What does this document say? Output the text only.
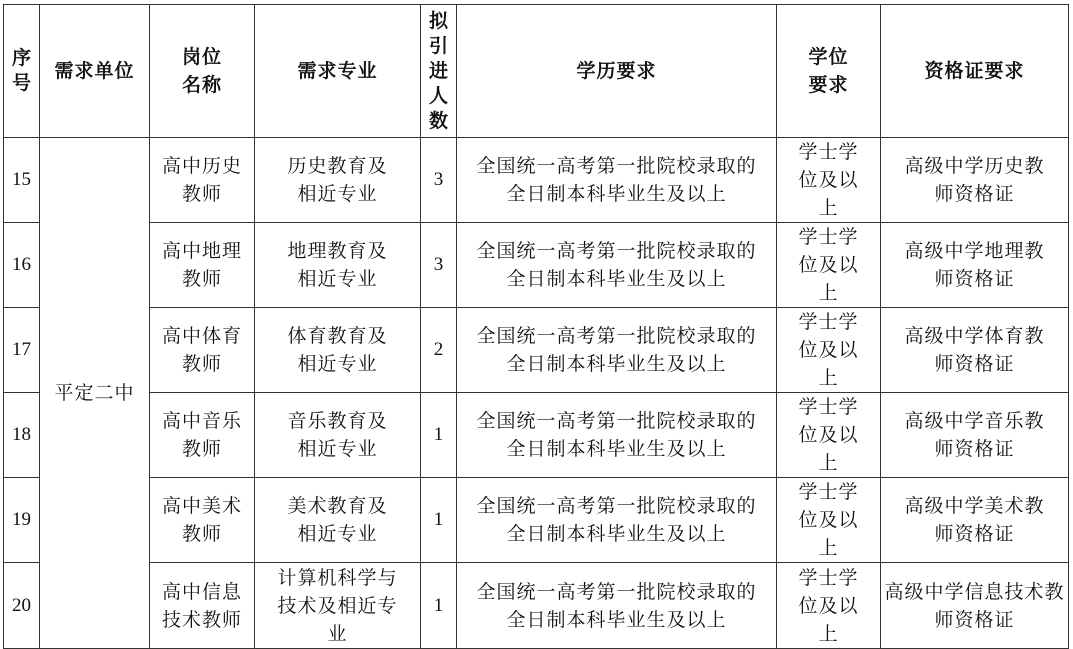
序号	需求单位	岗位名称	需求专业	拟引进人数	学历要求	学位要求	资格证要求

15	平定二中	高中历史教师	历史教育及相近专业	3	全国统一高考第一批院校录取的全日制本科毕业生及以上	学士学位及以上	高级中学历史教师资格证

16		高中地理教师	地理教育及相近专业	3	全国统一高考第一批院校录取的全日制本科毕业生及以上	学士学位及以上	高级中学地理教师资格证

17		高中体育教师	体育教育及相近专业	2	全国统一高考第一批院校录取的全日制本科毕业生及以上	学士学位及以上	高级中学体育教师资格证

18		高中音乐教师	音乐教育及相近专业	1	全国统一高考第一批院校录取的全日制本科毕业生及以上	学士学位及以上	高级中学音乐教师资格证

19		高中美术教师	美术教育及相近专业	1	全国统一高考第一批院校录取的全日制本科毕业生及以上	学士学位及以上	高级中学美术教师资格证

20		高中信息技术教师	计算机科学与技术及相近专业	1	全国统一高考第一批院校录取的全日制本科毕业生及以上	学士学位及以上	高级中学信息技术教师资格证
